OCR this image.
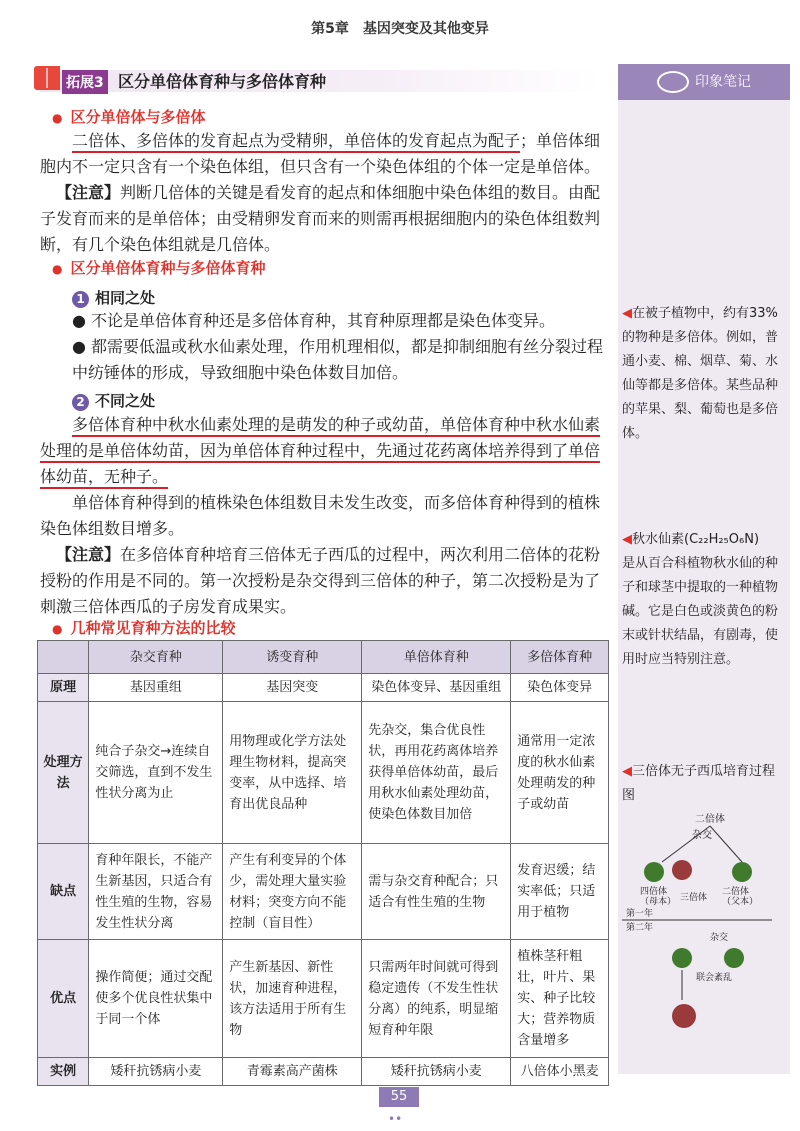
第5章　基因突变及其他变异
拓展3 区分单倍体育种与多倍体育种	印象笔记
● 区分单倍体与多倍体
二倍体、多倍体的发育起点为受精卵，单倍体的发育起点为配子；单倍体细胞内不一定只含有一个染色体组，但只含有一个染色体组的个体一定是单倍体。
【注意】判断几倍体的关键是看发育的起点和体细胞中染色体组的数目。由配子发育而来的是单倍体；由受精卵发育而来的则需再根据细胞内的染色体组数判断，有几个染色体组就是几倍体。
● 区分单倍体育种与多倍体育种
1 相同之处
● 不论是单倍体育种还是多倍体育种，其育种原理都是染色体变异。
● 都需要低温或秋水仙素处理，作用机理相似，都是抑制细胞有丝分裂过程中纺锤体的形成，导致细胞中染色体数目加倍。
2 不同之处
多倍体育种中秋水仙素处理的是萌发的种子或幼苗，单倍体育种中秋水仙素处理的是单倍体幼苗，因为单倍体育种过程中，先通过花药离体培养得到了单倍体幼苗，无种子。
单倍体育种得到的植株染色体组数目未发生改变，而多倍体育种得到的植株染色体组数目增多。
【注意】在多倍体育种培育三倍体无子西瓜的过程中，两次利用二倍体的花粉授粉的作用是不同的。第一次授粉是杂交得到三倍体的种子，第二次授粉是为了刺激三倍体西瓜的子房发育成果实。
● 几种常见育种方法的比较
	杂交育种	诱变育种	单倍体育种	多倍体育种
原理	基因重组	基因突变	染色体变异、基因重组	染色体变异
处理方法	纯合子杂交→连续自交筛选，直到不发生性状分离为止	用物理或化学方法处理生物材料，提高突变率，从中选择、培育出优良品种	先杂交，集合优良性状，再用花药离体培养获得单倍体幼苗，最后用秋水仙素处理幼苗，使染色体数目加倍	通常用一定浓度的秋水仙素处理萌发的种子或幼苗
缺点	育种年限长，不能产生新基因，只适合有性生殖的生物，容易发生性状分离	产生有利变异的个体少，需处理大量实验材料；突变方向不能控制（盲目性）	需与杂交育种配合；只适合有性生殖的生物	发育迟缓；结实率低；只适用于植物
优点	操作简便；通过交配使多个优良性状集中于同一个体	产生新基因、新性状，加速育种进程，该方法适用于所有生物	只需两年时间就可得到稳定遗传（不发生性状分离）的纯系，明显缩短育种年限	植株茎秆粗壮，叶片、果实、种子比较大；营养物质含量增多
实例	矮秆抗锈病小麦	青霉素高产菌株	矮秆抗锈病小麦	八倍体小黑麦
◀在被子植物中，约有33%的物种是多倍体。例如，普通小麦、棉、烟草、菊、水仙等都是多倍体。某些品种的苹果、梨、葡萄也是多倍体。
◀秋水仙素(C₂₂H₂₅O₆N)
是从百合科植物秋水仙的种子和球茎中提取的一种植物碱。它是白色或淡黄色的粉末或针状结晶，有剧毒，使用时应当特别注意。
◀三倍体无子西瓜培育过程图
二倍体
杂交
四倍体
（母本） 三倍体
二倍体
（父本）
第一年
第二年
杂交
联会紊乱
55
••
